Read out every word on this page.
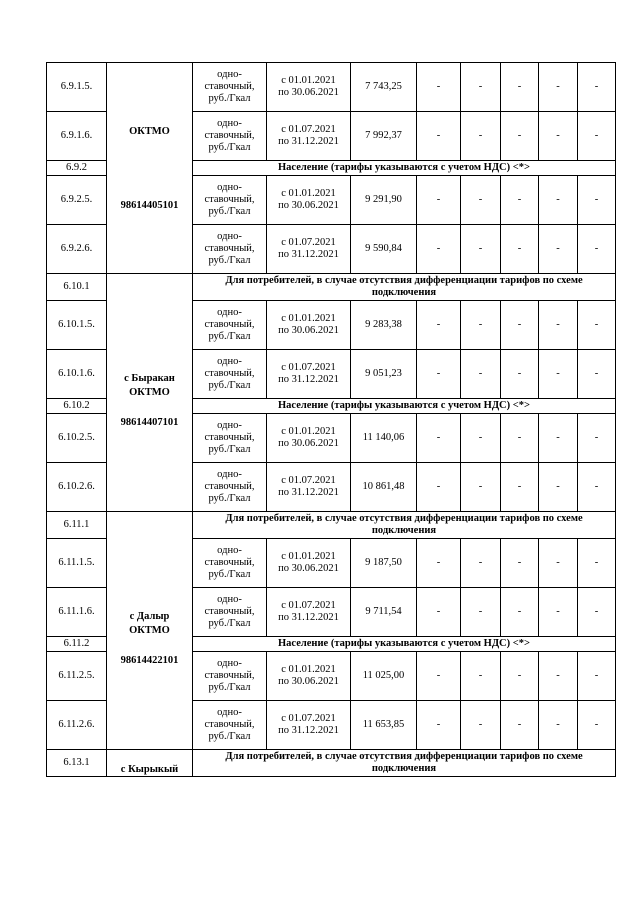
6.9.1.5.	ОКТМО
98614405101	одно-
ставочный,
руб./Гкал	с 01.01.2021
по 30.06.2021	7 743,25	-	-	-	-	-
6.9.1.6.		одно-
ставочный,
руб./Гкал	с 01.07.2021
по 31.12.2021	7 992,37	-	-	-	-	-
6.9.2		Население (тарифы указываются с учетом НДС) <*>							
6.9.2.5.		одно-
ставочный,
руб./Гкал	с 01.01.2021
по 30.06.2021	9 291,90	-	-	-	-	-
6.9.2.6.		одно-
ставочный,
руб./Гкал	с 01.07.2021
по 31.12.2021	9 590,84	-	-	-	-	-
6.10.1	с Быракан
ОКТМО
98614407101	Для потребителей, в случае отсутствия дифференциации тарифов по схеме подключения							
6.10.1.5.		одно-
ставочный,
руб./Гкал	с 01.01.2021
по 30.06.2021	9 283,38	-	-	-	-	-
6.10.1.6.		одно-
ставочный,
руб./Гкал	с 01.07.2021
по 31.12.2021	9 051,23	-	-	-	-	-
6.10.2		Население (тарифы указываются с учетом НДС) <*>							
6.10.2.5.		одно-
ставочный,
руб./Гкал	с 01.01.2021
по 30.06.2021	11 140,06	-	-	-	-	-
6.10.2.6.		одно-
ставочный,
руб./Гкал	с 01.07.2021
по 31.12.2021	10 861,48	-	-	-	-	-
6.11.1	с Далыр
ОКТМО
98614422101	Для потребителей, в случае отсутствия дифференциации тарифов по схеме подключения							
6.11.1.5.		одно-
ставочный,
руб./Гкал	с 01.01.2021
по 30.06.2021	9 187,50	-	-	-	-	-
6.11.1.6.		одно-
ставочный,
руб./Гкал	с 01.07.2021
по 31.12.2021	9 711,54	-	-	-	-	-
6.11.2		Население (тарифы указываются с учетом НДС) <*>							
6.11.2.5.		одно-
ставочный,
руб./Гкал	с 01.01.2021
по 30.06.2021	11 025,00	-	-	-	-	-
6.11.2.6.		одно-
ставочный,
руб./Гкал	с 01.07.2021
по 31.12.2021	11 653,85	-	-	-	-	-
6.13.1	с Кырыкый	Для потребителей, в случае отсутствия дифференциации тарифов по схеме подключения							
